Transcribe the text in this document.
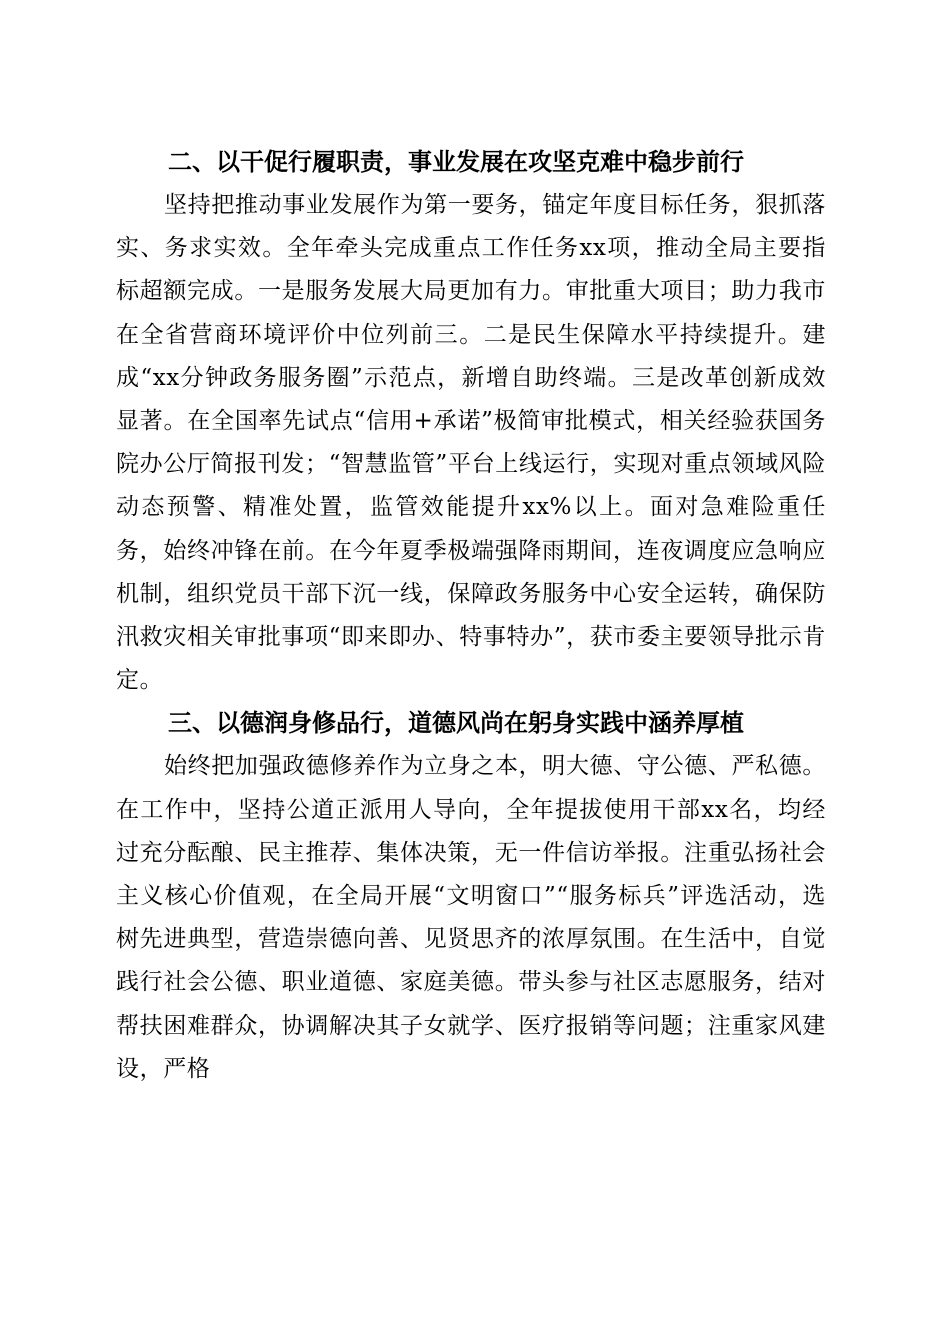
二、以干促行履职责，事业发展在攻坚克难中稳步前行

坚持把推动事业发展作为第一要务，锚定年度目标任务，狠抓落实、务求实效。全年牵头完成重点工作任务xx项，推动全局主要指标超额完成。一是服务发展大局更加有力。审批重大项目；助力我市在全省营商环境评价中位列前三。二是民生保障水平持续提升。建成“xx分钟政务服务圈”示范点，新增自助终端。三是改革创新成效显著。在全国率先试点“信用+承诺”极简审批模式，相关经验获国务院办公厅简报刊发；“智慧监管”平台上线运行，实现对重点领域风险动态预警、精准处置，监管效能提升xx%以上。面对急难险重任务，始终冲锋在前。在今年夏季极端强降雨期间，连夜调度应急响应机制，组织党员干部下沉一线，保障政务服务中心安全运转，确保防汛救灾相关审批事项“即来即办、特事特办”，获市委主要领导批示肯定。

三、以德润身修品行，道德风尚在躬身实践中涵养厚植

始终把加强政德修养作为立身之本，明大德、守公德、严私德。在工作中，坚持公道正派用人导向，全年提拔使用干部xx名，均经过充分酝酿、民主推荐、集体决策，无一件信访举报。注重弘扬社会主义核心价值观，在全局开展“文明窗口”“服务标兵”评选活动，选树先进典型，营造崇德向善、见贤思齐的浓厚氛围。在生活中，自觉践行社会公德、职业道德、家庭美德。带头参与社区志愿服务，结对帮扶困难群众，协调解决其子女就学、医疗报销等问题；注重家风建设，严格
